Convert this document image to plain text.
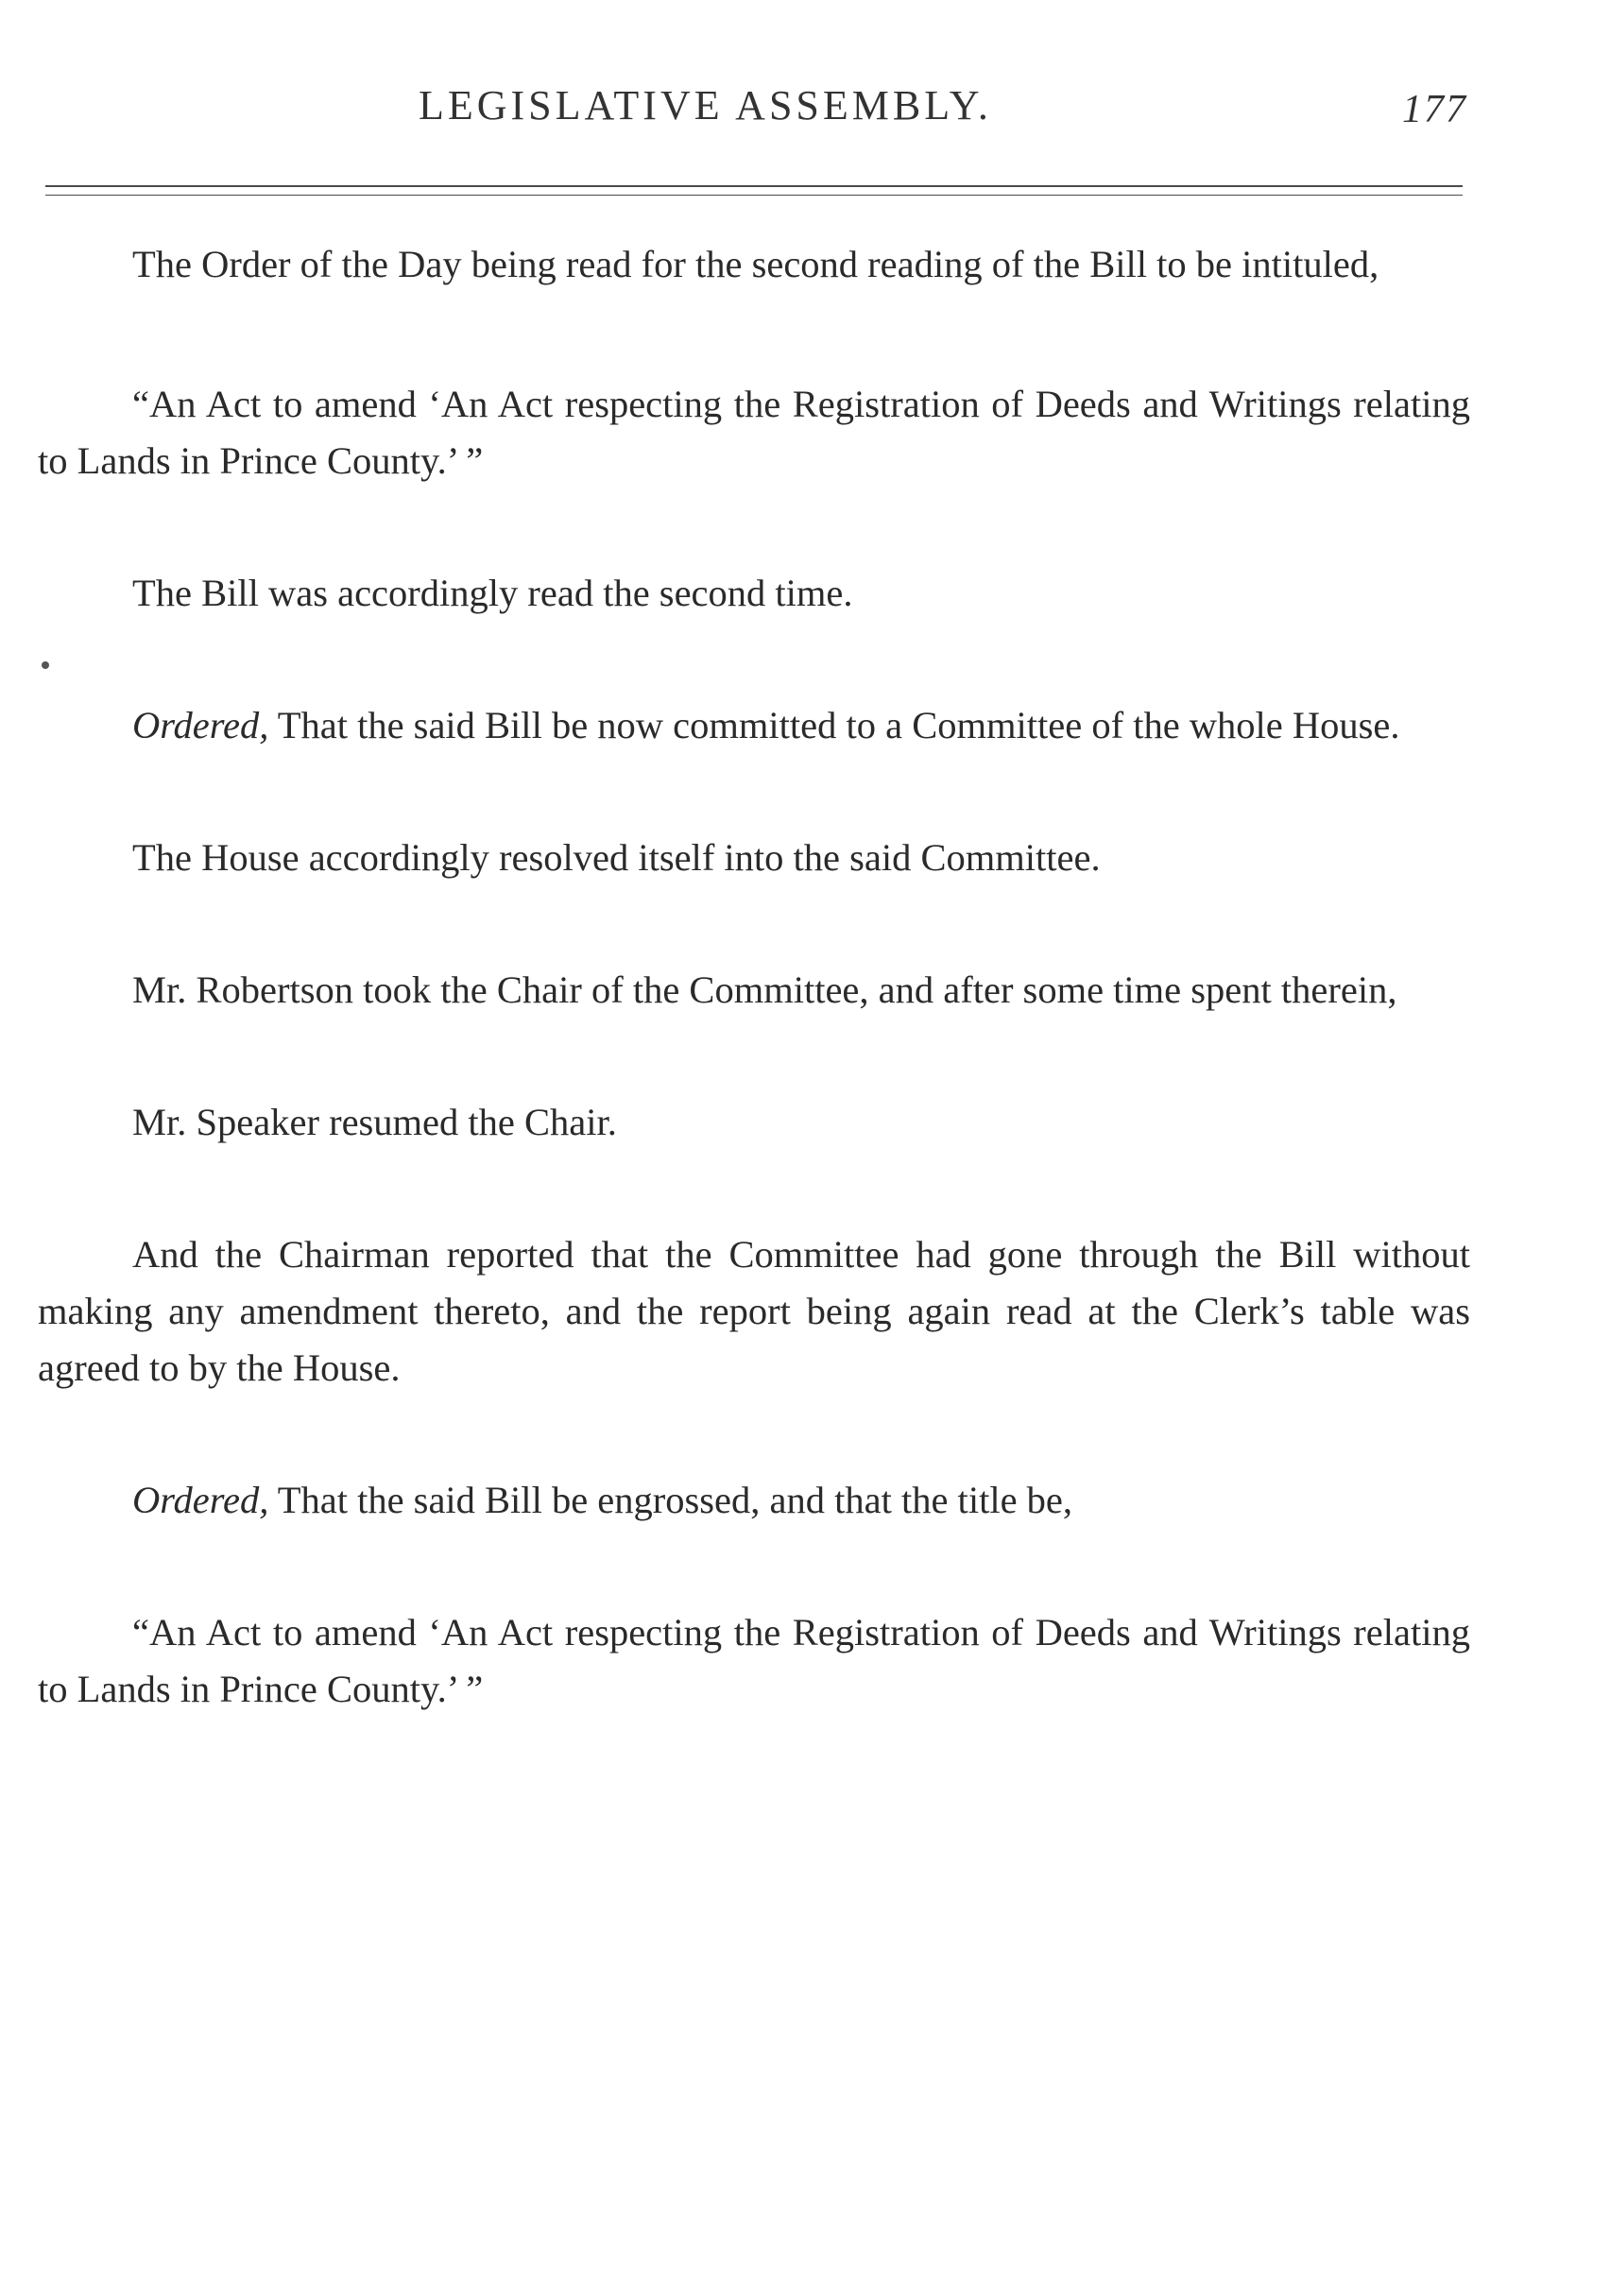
LEGISLATIVE ASSEMBLY.	177

The Order of the Day being read for the second reading of the Bill to be intituled,

“An Act to amend ‘An Act respecting the Registration of Deeds and Writings relating to Lands in Prince County.’ ”

The Bill was accordingly read the second time.

Ordered, That the said Bill be now committed to a Committee of the whole House.

The House accordingly resolved itself into the said Committee.

Mr. Robertson took the Chair of the Committee, and after some time spent therein,

Mr. Speaker resumed the Chair.

And the Chairman reported that the Committee had gone through the Bill without making any amendment thereto, and the report being again read at the Clerk’s table was agreed to by the House.

Ordered, That the said Bill be engrossed, and that the title be,

“An Act to amend ‘An Act respecting the Registration of Deeds and Writings relating to Lands in Prince County.’ ”
